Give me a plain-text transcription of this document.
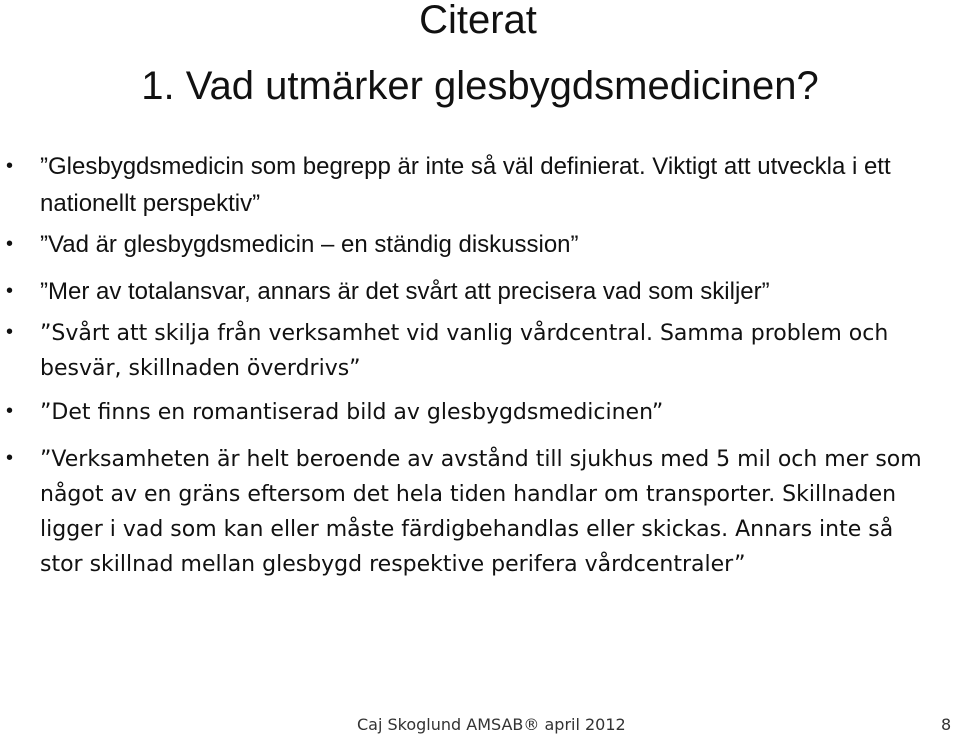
Citerat
1. Vad utmärker glesbygdsmedicinen?
• ”Glesbygdsmedicin som begrepp är inte så väl definierat. Viktigt att utveckla i ett nationellt perspektiv”

• ”Vad är glesbygdsmedicin – en ständig diskussion”

• ”Mer av totalansvar, annars är det svårt att precisera vad som skiljer”

• ”Svårt att skilja från verksamhet vid vanlig vårdcentral. Samma problem och besvär, skillnaden överdrivs”

• ”Det finns en romantiserad bild av glesbygdsmedicinen”

• ”Verksamheten är helt beroende av avstånd till sjukhus med 5 mil och mer som något av en gräns eftersom det hela tiden handlar om transporter. Skillnaden ligger i vad som kan eller måste färdigbehandlas eller skickas. Annars inte så stor skillnad mellan glesbygd respektive perifera vårdcentraler”

Caj Skoglund AMSAB® april 2012	8
